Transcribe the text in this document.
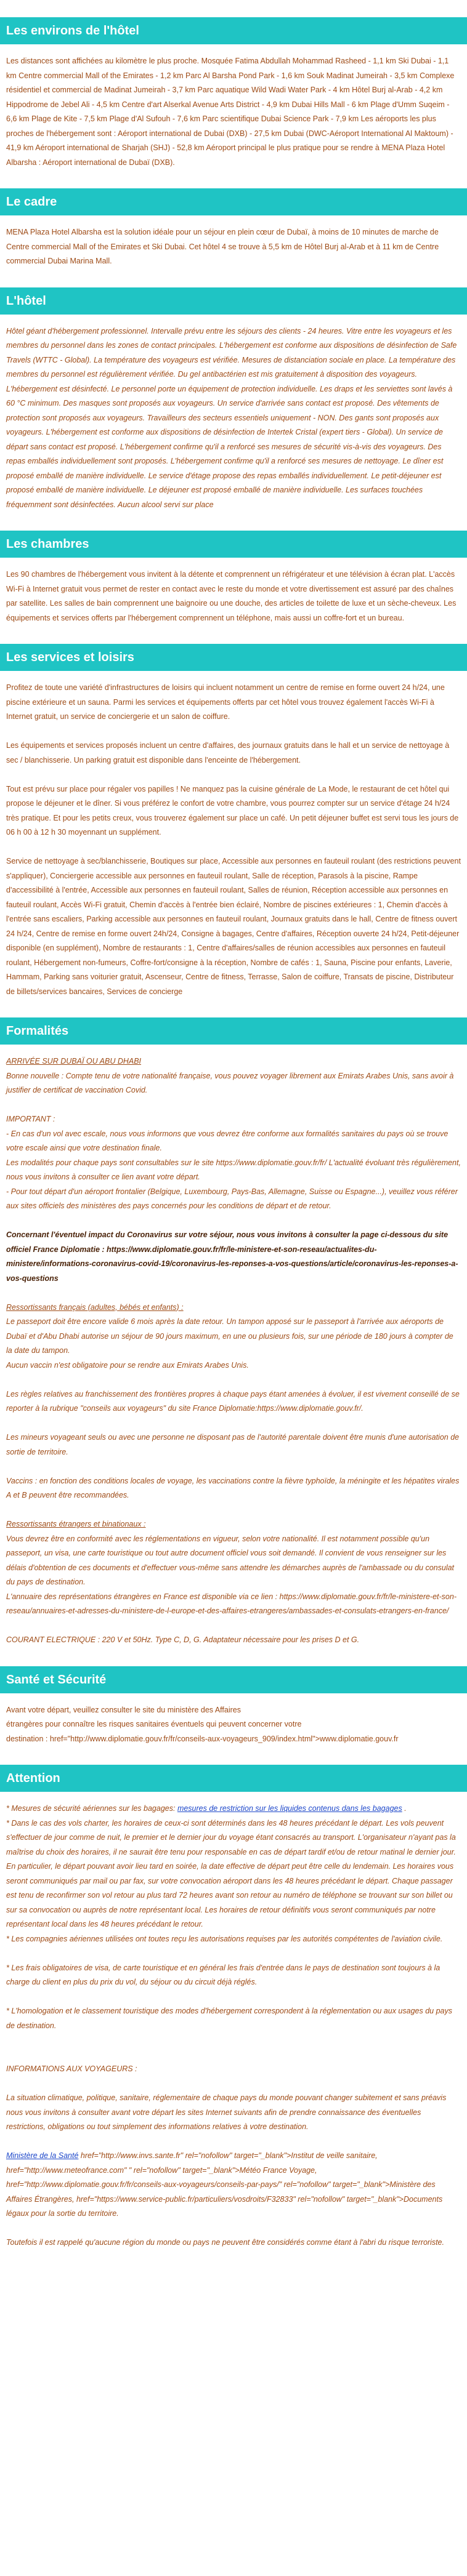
Les environs de l'hôtel

Les distances sont affichées au kilomètre le plus proche. Mosquée Fatima Abdullah Mohammad Rasheed - 1,1 km Ski Dubai - 1,1 km Centre commercial Mall of the Emirates - 1,2 km Parc Al Barsha Pond Park - 1,6 km Souk Madinat Jumeirah - 3,5 km Complexe résidentiel et commercial de Madinat Jumeirah - 3,7 km Parc aquatique Wild Wadi Water Park - 4 km Hôtel Burj al-Arab - 4,2 km Hippodrome de Jebel Ali - 4,5 km Centre d'art Alserkal Avenue Arts District - 4,9 km Dubai Hills Mall - 6 km Plage d'Umm Suqeim - 6,6 km Plage de Kite - 7,5 km Plage d'Al Sufouh - 7,6 km Parc scientifique Dubai Science Park - 7,9 km Les aéroports les plus proches de l'hébergement sont : Aéroport international de Dubai (DXB) - 27,5 km Dubai (DWC-Aéroport International Al Maktoum) - 41,9 km Aéroport international de Sharjah (SHJ) - 52,8 km Aéroport principal le plus pratique pour se rendre à MENA Plaza Hotel Albarsha : Aéroport international de Dubaï (DXB).

Le cadre

MENA Plaza Hotel Albarsha est la solution idéale pour un séjour en plein cœur de Dubaï, à moins de 10 minutes de marche de Centre commercial Mall of the Emirates et Ski Dubai. Cet hôtel 4 se trouve à 5,5 km de Hôtel Burj al-Arab et à 11 km de Centre commercial Dubai Marina Mall.

L'hôtel

Hôtel géant d'hébergement professionnel. Intervalle prévu entre les séjours des clients - 24 heures. Vitre entre les voyageurs et les membres du personnel dans les zones de contact principales. L'hébergement est conforme aux dispositions de désinfection de Safe Travels (WTTC - Global). La température des voyageurs est vérifiée. Mesures de distanciation sociale en place. La température des membres du personnel est régulièrement vérifiée. Du gel antibactérien est mis gratuitement à disposition des voyageurs. L'hébergement est désinfecté. Le personnel porte un équipement de protection individuelle. Les draps et les serviettes sont lavés à 60 °C minimum. Des masques sont proposés aux voyageurs. Un service d'arrivée sans contact est proposé. Des vêtements de protection sont proposés aux voyageurs. Travailleurs des secteurs essentiels uniquement - NON. Des gants sont proposés aux voyageurs. L'hébergement est conforme aux dispositions de désinfection de Intertek Cristal (expert tiers - Global). Un service de départ sans contact est proposé. L'hébergement confirme qu'il a renforcé ses mesures de sécurité vis-à-vis des voyageurs. Des repas emballés individuellement sont proposés. L'hébergement confirme qu'il a renforcé ses mesures de nettoyage. Le dîner est proposé emballé de manière individuelle. Le service d'étage propose des repas emballés individuellement. Le petit-déjeuner est proposé emballé de manière individuelle. Le déjeuner est proposé emballé de manière individuelle. Les surfaces touchées fréquemment sont désinfectées. Aucun alcool servi sur place

Les chambres

Les 90 chambres de l'hébergement vous invitent à la détente et comprennent un réfrigérateur et une télévision à écran plat. L'accès Wi-Fi à Internet gratuit vous permet de rester en contact avec le reste du monde et votre divertissement est assuré par des chaînes par satellite. Les salles de bain comprennent une baignoire ou une douche, des articles de toilette de luxe et un sèche-cheveux. Les équipements et services offerts par l'hébergement comprennent un téléphone, mais aussi un coffre-fort et un bureau.

Les services et loisirs

Profitez de toute une variété d'infrastructures de loisirs qui incluent notamment un centre de remise en forme ouvert 24 h/24, une piscine extérieure et un sauna. Parmi les services et équipements offerts par cet hôtel vous trouvez également l'accès Wi-Fi à Internet gratuit, un service de conciergerie et un salon de coiffure.

Les équipements et services proposés incluent un centre d'affaires, des journaux gratuits dans le hall et un service de nettoyage à sec / blanchisserie. Un parking gratuit est disponible dans l'enceinte de l'hébergement.

Tout est prévu sur place pour régaler vos papilles ! Ne manquez pas la cuisine générale de La Mode, le restaurant de cet hôtel qui propose le déjeuner et le dîner. Si vous préférez le confort de votre chambre, vous pourrez compter sur un service d'étage 24 h/24 très pratique. Et pour les petits creux, vous trouverez également sur place un café. Un petit déjeuner buffet est servi tous les jours de 06 h 00 à 12 h 30 moyennant un supplément.

Service de nettoyage à sec/blanchisserie, Boutiques sur place, Accessible aux personnes en fauteuil roulant (des restrictions peuvent s'appliquer), Conciergerie accessible aux personnes en fauteuil roulant, Salle de réception, Parasols à la piscine, Rampe d'accessibilité à l'entrée, Accessible aux personnes en fauteuil roulant, Salles de réunion, Réception accessible aux personnes en fauteuil roulant, Accès Wi-Fi gratuit, Chemin d'accès à l'entrée bien éclairé, Nombre de piscines extérieures : 1, Chemin d'accès à l'entrée sans escaliers, Parking accessible aux personnes en fauteuil roulant, Journaux gratuits dans le hall, Centre de fitness ouvert 24 h/24, Centre de remise en forme ouvert 24h/24, Consigne à bagages, Centre d'affaires, Réception ouverte 24 h/24, Petit-déjeuner disponible (en supplément), Nombre de restaurants : 1, Centre d'affaires/salles de réunion accessibles aux personnes en fauteuil roulant, Hébergement non-fumeurs, Coffre-fort/consigne à la réception, Nombre de cafés : 1, Sauna, Piscine pour enfants, Laverie, Hammam, Parking sans voiturier gratuit, Ascenseur, Centre de fitness, Terrasse, Salon de coiffure, Transats de piscine, Distributeur de billets/services bancaires, Services de concierge

Formalités

ARRIVÉE SUR DUBAÏ OU ABU DHABI

Bonne nouvelle : Compte tenu de votre nationalité française, vous pouvez voyager librement aux Emirats Arabes Unis, sans avoir à justifier de certificat de vaccination Covid.

IMPORTANT :

- En cas d'un vol avec escale, nous vous informons que vous devrez être conforme aux formalités sanitaires du pays où se trouve votre escale ainsi que votre destination finale.

Les modalités pour chaque pays sont consultables sur le site https://www.diplomatie.gouv.fr/fr/ L'actualité évoluant très régulièrement, nous vous invitons à consulter ce lien avant votre départ.

- Pour tout départ d'un aéroport frontalier (Belgique, Luxembourg, Pays-Bas, Allemagne, Suisse ou Espagne...), veuillez vous référer aux sites officiels des ministères des pays concernés pour les conditions de départ et de retour.

Concernant l'éventuel impact du Coronavirus sur votre séjour, nous vous invitons à consulter la page ci-dessous du site officiel France Diplomatie : https://www.diplomatie.gouv.fr/fr/le-ministere-et-son-reseau/actualites-du-ministere/informations-coronavirus-covid-19/coronavirus-les-reponses-a-vos-questions/article/coronavirus-les-reponses-a-vos-questions

Ressortissants français (adultes, bébés et enfants) :

Le passeport doit être encore valide 6 mois après la date retour. Un tampon apposé sur le passeport à l'arrivée aux aéroports de Dubaï et d'Abu Dhabi autorise un séjour de 90 jours maximum, en une ou plusieurs fois, sur une période de 180 jours à compter de la date du tampon.

Aucun vaccin n'est obligatoire pour se rendre aux Emirats Arabes Unis.

Les règles relatives au franchissement des frontières propres à chaque pays étant amenées à évoluer, il est vivement conseillé de se reporter à la rubrique "conseils aux voyageurs" du site France Diplomatie:https://www.diplomatie.gouv.fr/.

Les mineurs voyageant seuls ou avec une personne ne disposant pas de l'autorité parentale doivent être munis d'une autorisation de sortie de territoire.

Vaccins : en fonction des conditions locales de voyage, les vaccinations contre la fièvre typhoïde, la méningite et les hépatites virales A et B peuvent être recommandées.

Ressortissants étrangers et binationaux :

Vous devrez être en conformité avec les réglementations en vigueur, selon votre nationalité. Il est notamment possible qu'un passeport, un visa, une carte touristique ou tout autre document officiel vous soit demandé. Il convient de vous renseigner sur les délais d'obtention de ces documents et d'effectuer vous-même sans attendre les démarches auprès de l'ambassade ou du consulat du pays de destination.

L'annuaire des représentations étrangères en France est disponible via ce lien : https://www.diplomatie.gouv.fr/fr/le-ministere-et-son-reseau/annuaires-et-adresses-du-ministere-de-l-europe-et-des-affaires-etrangeres/ambassades-et-consulats-etrangers-en-france/

COURANT ELECTRIQUE : 220 V et 50Hz. Type C, D, G. Adaptateur nécessaire pour les prises D et G.

Santé et Sécurité

Avant votre départ, veuillez consulter le site du ministère des Affaires

étrangères pour connaître les risques sanitaires éventuels qui peuvent concerner votre

destination : href="http://www.diplomatie.gouv.fr/fr/conseils-aux-voyageurs_909/index.html">www.diplomatie.gouv.fr

Attention

* Mesures de sécurité aériennes sur les bagages: mesures de restriction sur les liquides contenus dans les bagages .

* Dans le cas des vols charter, les horaires de ceux-ci sont déterminés dans les 48 heures précédant le départ. Les vols peuvent s'effectuer de jour comme de nuit, le premier et le dernier jour du voyage étant consacrés au transport. L'organisateur n'ayant pas la maîtrise du choix des horaires, il ne saurait être tenu pour responsable en cas de départ tardif et/ou de retour matinal le dernier jour. En particulier, le départ pouvant avoir lieu tard en soirée, la date effective de départ peut être celle du lendemain. Les horaires vous seront communiqués par mail ou par fax, sur votre convocation aéroport dans les 48 heures précédant le départ. Chaque passager est tenu de reconfirmer son vol retour au plus tard 72 heures avant son retour au numéro de téléphone se trouvant sur son billet ou sur sa convocation ou auprès de notre représentant local. Les horaires de retour définitifs vous seront communiqués par notre représentant local dans les 48 heures précédant le retour.

* Les compagnies aériennes utilisées ont toutes reçu les autorisations requises par les autorités compétentes de l'aviation civile.

* Les frais obligatoires de visa, de carte touristique et en général les frais d'entrée dans le pays de destination sont toujours à la charge du client en plus du prix du vol, du séjour ou du circuit déjà réglés.

* L'homologation et le classement touristique des modes d'hébergement correspondent à la réglementation ou aux usages du pays de destination.

INFORMATIONS AUX VOYAGEURS :

La situation climatique, politique, sanitaire, réglementaire de chaque pays du monde pouvant changer subitement et sans préavis

nous vous invitons à consulter avant votre départ les sites Internet suivants afin de prendre connaissance des éventuelles restrictions, obligations ou tout simplement des informations relatives à votre destination.

Ministère de la Santé href="http://www.invs.sante.fr" rel="nofollow" target="_blank">Institut de veille sanitaire, href="http://www.meteofrance.com" " rel="nofollow" target="_blank">Météo France Voyage, href="http://www.diplomatie.gouv.fr/fr/conseils-aux-voyageurs/conseils-par-pays/" rel="nofollow" target="_blank">Ministère des Affaires Étrangères, href="https://www.service-public.fr/particuliers/vosdroits/F32833" rel="nofollow" target="_blank">Documents légaux pour la sortie du territoire.

Toutefois il est rappelé qu'aucune région du monde ou pays ne peuvent être considérés comme étant à l'abri du risque terroriste.
